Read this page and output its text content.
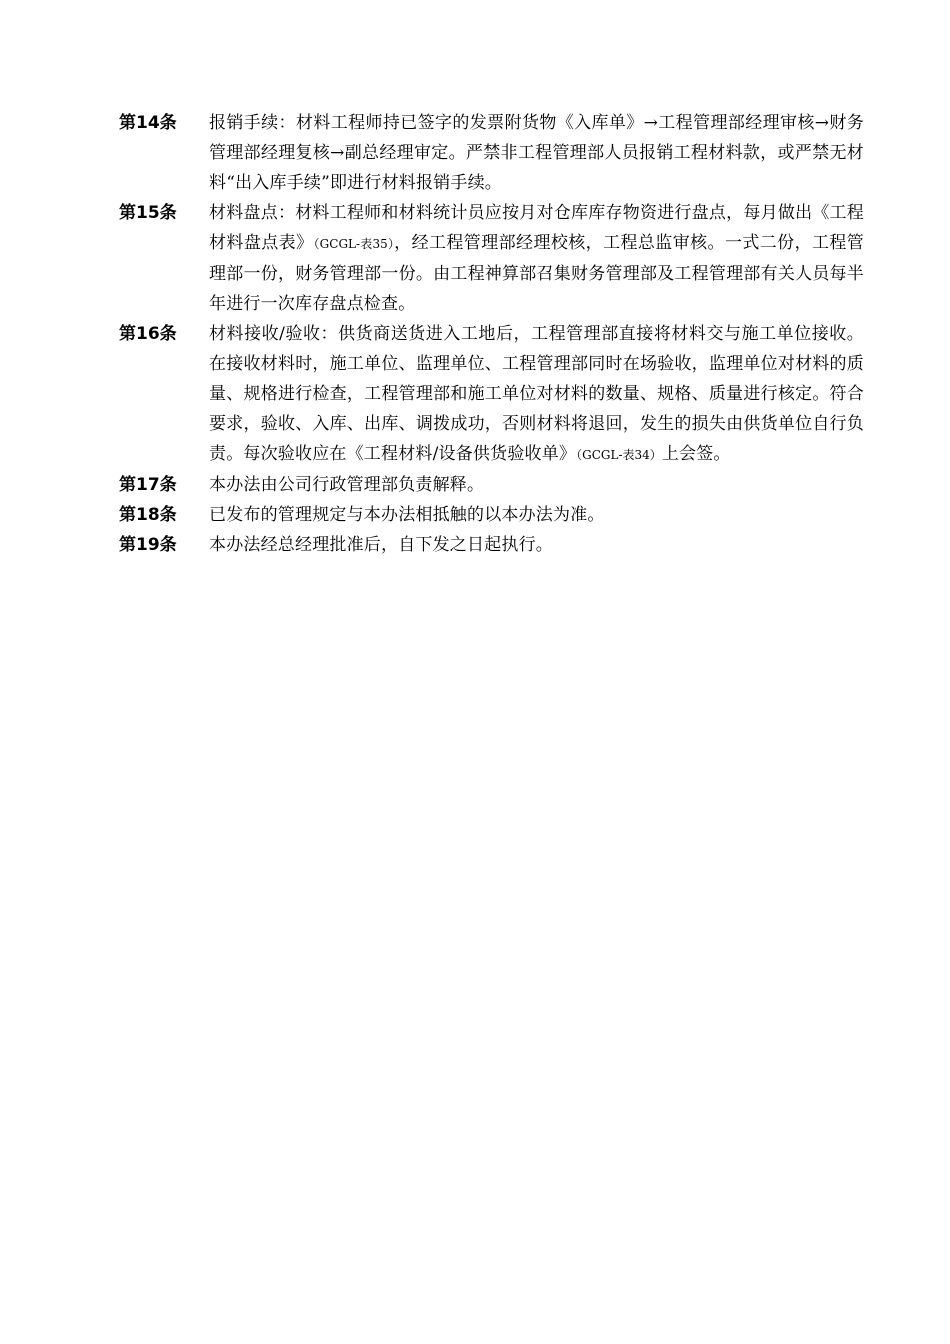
第14条	报销手续：材料工程师持已签字的发票附货物《入库单》→工程管理部经理审核→财务管理部经理复核→副总经理审定。严禁非工程管理部人员报销工程材料款，或严禁无材料“出入库手续”即进行材料报销手续。
第15条	材料盘点：材料工程师和材料统计员应按月对仓库库存物资进行盘点，每月做出《工程材料盘点表》（GCGL-表35），经工程管理部经理校核，工程总监审核。一式二份，工程管理部一份，财务管理部一份。由工程神算部召集财务管理部及工程管理部有关人员每半年进行一次库存盘点检查。
第16条	材料接收/验收：供货商送货进入工地后，工程管理部直接将材料交与施工单位接收。在接收材料时，施工单位、监理单位、工程管理部同时在场验收，监理单位对材料的质量、规格进行检查，工程管理部和施工单位对材料的数量、规格、质量进行核定。符合要求，验收、入库、出库、调拨成功，否则材料将退回，发生的损失由供货单位自行负责。每次验收应在《工程材料/设备供货验收单》（GCGL-表34）上会签。
第17条	本办法由公司行政管理部负责解释。
第18条	已发布的管理规定与本办法相抵触的以本办法为准。
第19条	本办法经总经理批准后，自下发之日起执行。
